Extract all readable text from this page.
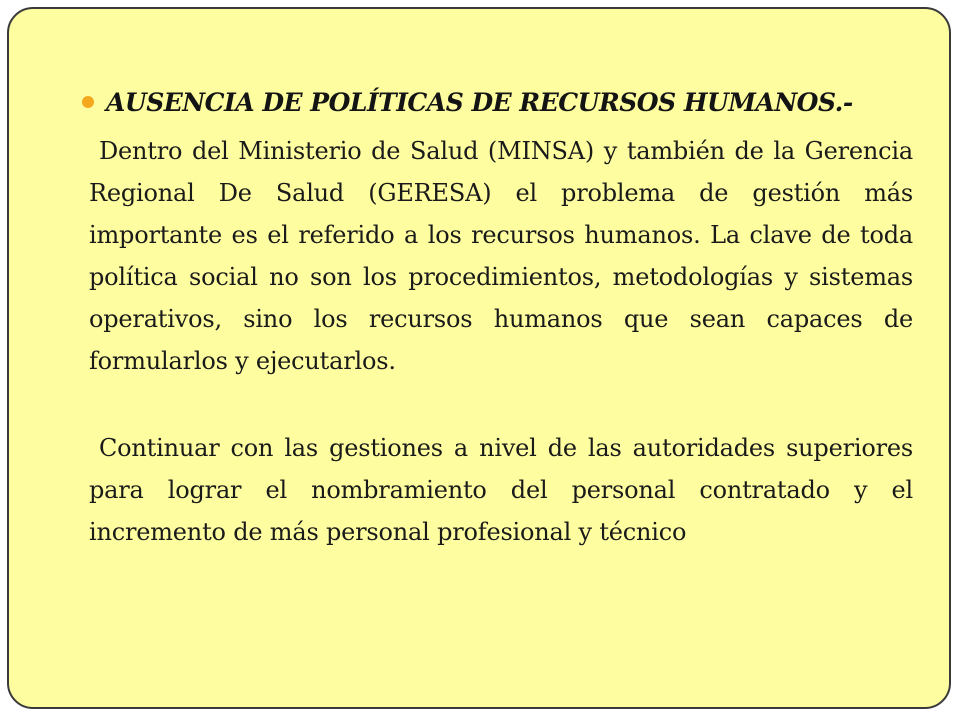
AUSENCIA DE POLÍTICAS DE RECURSOS HUMANOS.-

Dentro del Ministerio de Salud (MINSA) y también de la Gerencia Regional De Salud (GERESA) el problema de gestión más importante es el referido a los recursos humanos. La clave de toda política social no son los procedimientos, metodologías y sistemas operativos, sino los recursos humanos que sean capaces de formularlos y ejecutarlos.

Continuar con las gestiones a nivel de las autoridades superiores para lograr el nombramiento del personal contratado y el incremento de más personal profesional y técnico
